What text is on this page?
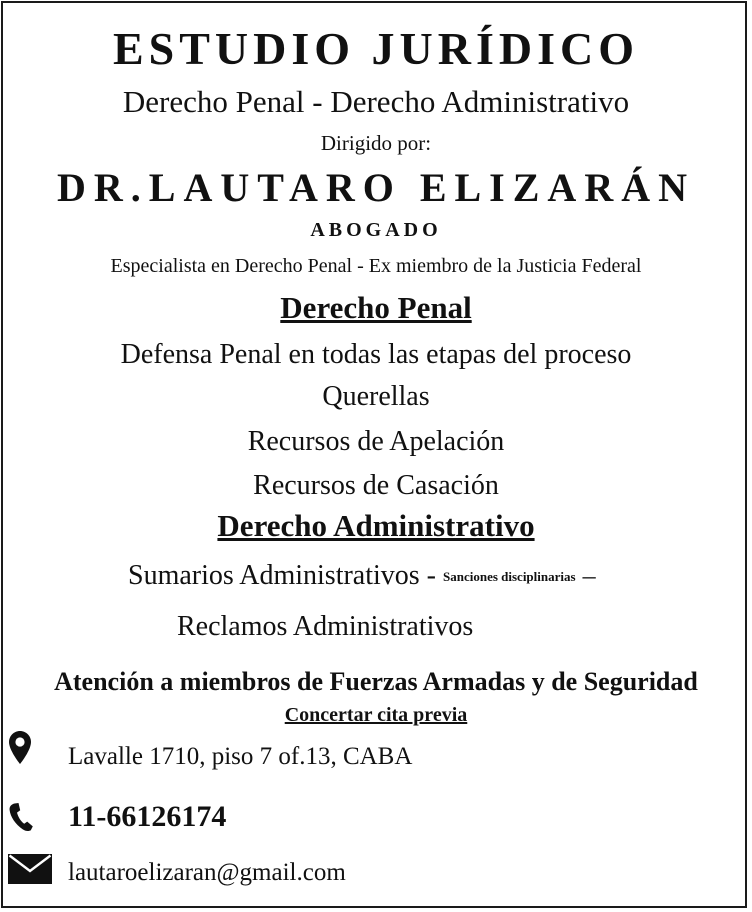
ESTUDIO JURÍDICO
Derecho Penal - Derecho Administrativo
Dirigido por:
DR.LAUTARO ELIZARÁN
ABOGADO
Especialista en Derecho Penal - Ex miembro de la Justicia Federal
Derecho Penal
Defensa Penal en todas las etapas del proceso
Querellas
Recursos de Apelación
Recursos de Casación
Derecho Administrativo
Sumarios Administrativos - Sanciones disciplinarias –
Reclamos Administrativos
Atención a miembros de Fuerzas Armadas y de Seguridad
Concertar cita previa
Lavalle 1710, piso 7 of.13, CABA
11-66126174
lautaroelizaran@gmail.com
